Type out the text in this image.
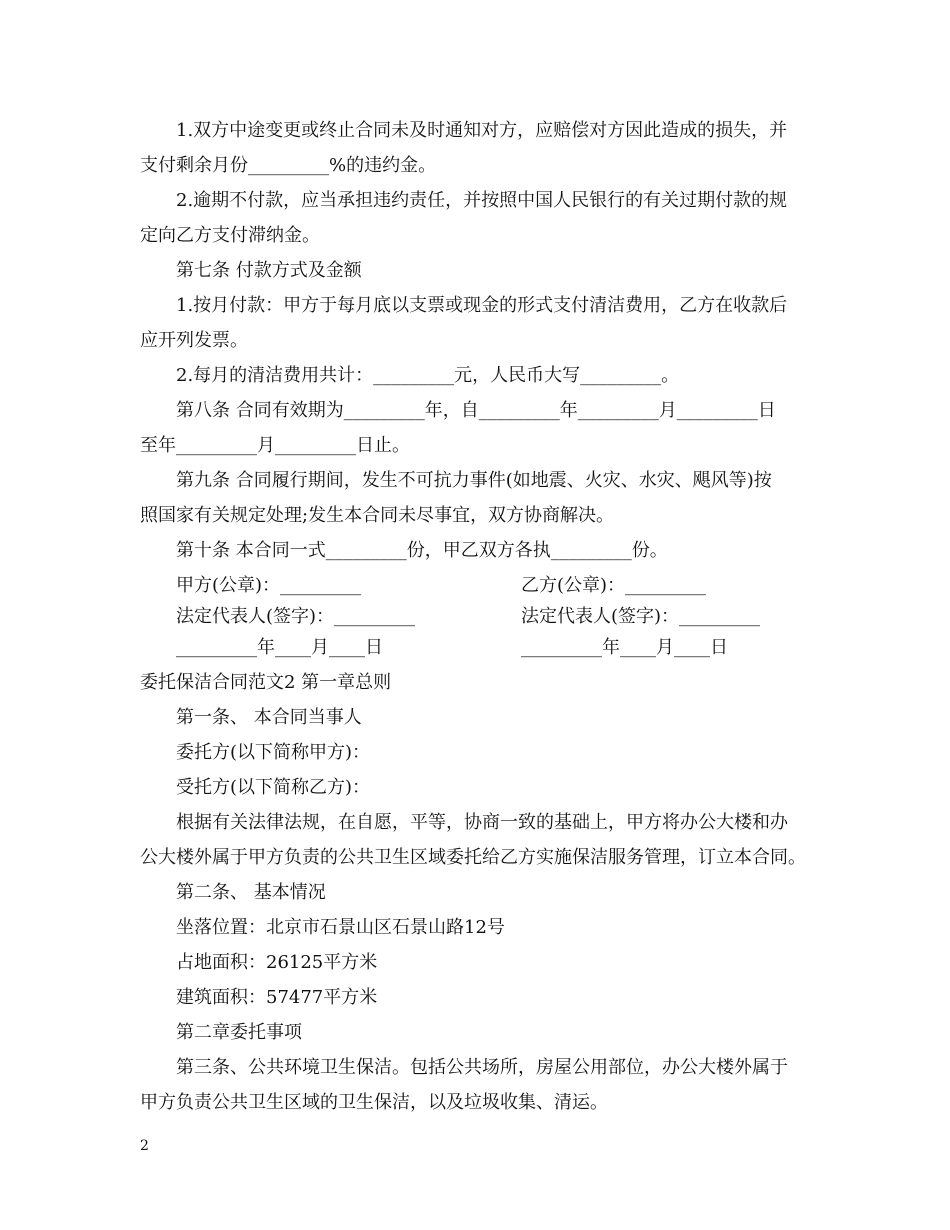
1.双方中途变更或终止合同未及时通知对方，应赔偿对方因此造成的损失，并
支付剩余月份_________%的违约金。
2.逾期不付款，应当承担违约责任，并按照中国人民银行的有关过期付款的规
定向乙方支付滞纳金。
第七条 付款方式及金额
1.按月付款：甲方于每月底以支票或现金的形式支付清洁费用，乙方在收款后
应开列发票。
2.每月的清洁费用共计：_________元，人民币大写_________。
第八条 合同有效期为_________年，自_________年_________月_________日
至年_________月_________日止。
第九条 合同履行期间，发生不可抗力事件(如地震、火灾、水灾、飓风等)按
照国家有关规定处理;发生本合同未尽事宜，双方协商解决。
第十条 本合同一式_________份，甲乙双方各执_________份。
甲方(公章)：_________	乙方(公章)：_________
法定代表人(签字)：_________	法定代表人(签字)：_________
_________年____月____日	_________年____月____日
委托保洁合同范文2 第一章总则
第一条、 本合同当事人
委托方(以下简称甲方)：
受托方(以下简称乙方)：
根据有关法律法规，在自愿，平等，协商一致的基础上，甲方将办公大楼和办
公大楼外属于甲方负责的公共卫生区域委托给乙方实施保洁服务管理，订立本合同。
第二条、 基本情况
坐落位置：北京市石景山区石景山路12号
占地面积：26125平方米
建筑面积：57477平方米
第二章委托事项
第三条、公共环境卫生保洁。包括公共场所，房屋公用部位，办公大楼外属于
甲方负责公共卫生区域的卫生保洁，以及垃圾收集、清运。
2
